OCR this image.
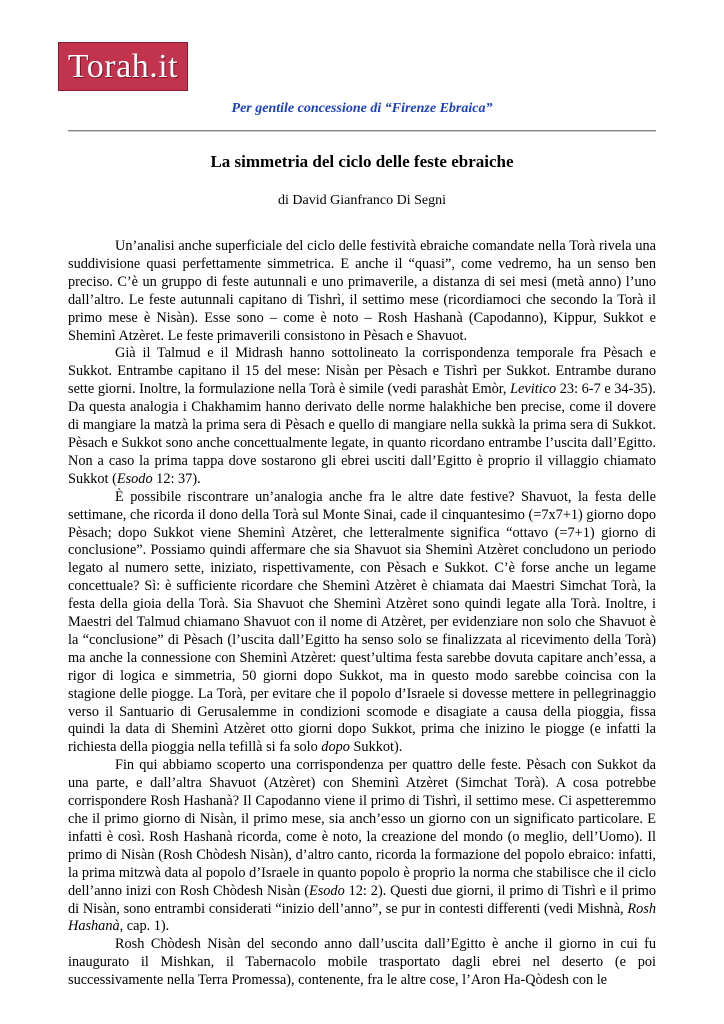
Torah.it
Per gentile concessione di “Firenze Ebraica”
La simmetria del ciclo delle feste ebraiche
di David Gianfranco Di Segni

Un’analisi anche superficiale del ciclo delle festività ebraiche comandate nella Torà rivela una suddivisione quasi perfettamente simmetrica. E anche il “quasi”, come vedremo, ha un senso ben preciso. C’è un gruppo di feste autunnali e uno primaverile, a distanza di sei mesi (metà anno) l’uno dall’altro. Le feste autunnali capitano di Tishrì, il settimo mese (ricordiamoci che secondo la Torà il primo mese è Nisàn). Esse sono – come è noto – Rosh Hashanà (Capodanno), Kippur, Sukkot e Sheminì Atzèret. Le feste primaverili consistono in Pèsach e Shavuot.

Già il Talmud e il Midrash hanno sottolineato la corrispondenza temporale fra Pèsach e Sukkot. Entrambe capitano il 15 del mese: Nisàn per Pèsach e Tishrì per Sukkot. Entrambe durano sette giorni. Inoltre, la formulazione nella Torà è simile (vedi parashàt Emòr, Levitico 23: 6-7 e 34-35). Da questa analogia i Chakhamim hanno derivato delle norme halakhiche ben precise, come il dovere di mangiare la matzà la prima sera di Pèsach e quello di mangiare nella sukkà la prima sera di Sukkot. Pèsach e Sukkot sono anche concettualmente legate, in quanto ricordano entrambe l’uscita dall’Egitto. Non a caso la prima tappa dove sostarono gli ebrei usciti dall’Egitto è proprio il villaggio chiamato Sukkot (Esodo 12: 37).

È possibile riscontrare un’analogia anche fra le altre date festive? Shavuot, la festa delle settimane, che ricorda il dono della Torà sul Monte Sinai, cade il cinquantesimo (=7x7+1) giorno dopo Pèsach; dopo Sukkot viene Sheminì Atzèret, che letteralmente significa “ottavo (=7+1) giorno di conclusione”. Possiamo quindi affermare che sia Shavuot sia Sheminì Atzèret concludono un periodo legato al numero sette, iniziato, rispettivamente, con Pèsach e Sukkot. C’è forse anche un legame concettuale? Sì: è sufficiente ricordare che Sheminì Atzèret è chiamata dai Maestri Simchat Torà, la festa della gioia della Torà. Sia Shavuot che Sheminì Atzèret sono quindi legate alla Torà. Inoltre, i Maestri del Talmud chiamano Shavuot con il nome di Atzèret, per evidenziare non solo che Shavuot è la “conclusione” di Pèsach (l’uscita dall’Egitto ha senso solo se finalizzata al ricevimento della Torà) ma anche la connessione con Sheminì Atzèret: quest’ultima festa sarebbe dovuta capitare anch’essa, a rigor di logica e simmetria, 50 giorni dopo Sukkot, ma in questo modo sarebbe coincisa con la stagione delle piogge. La Torà, per evitare che il popolo d’Israele si dovesse mettere in pellegrinaggio verso il Santuario di Gerusalemme in condizioni scomode e disagiate a causa della pioggia, fissa quindi la data di Sheminì Atzèret otto giorni dopo Sukkot, prima che inizino le piogge (e infatti la richiesta della pioggia nella tefillà si fa solo dopo Sukkot).

Fin qui abbiamo scoperto una corrispondenza per quattro delle feste. Pèsach con Sukkot da una parte, e dall’altra Shavuot (Atzèret) con Sheminì Atzèret (Simchat Torà). A cosa potrebbe corrispondere Rosh Hashanà? Il Capodanno viene il primo di Tishrì, il settimo mese. Ci aspetteremmo che il primo giorno di Nisàn, il primo mese, sia anch’esso un giorno con un significato particolare. E infatti è così. Rosh Hashanà ricorda, come è noto, la creazione del mondo (o meglio, dell’Uomo). Il primo di Nisàn (Rosh Chòdesh Nisàn), d’altro canto, ricorda la formazione del popolo ebraico: infatti, la prima mitzwà data al popolo d’Israele in quanto popolo è proprio la norma che stabilisce che il ciclo dell’anno inizi con Rosh Chòdesh Nisàn (Esodo 12: 2). Questi due giorni, il primo di Tishrì e il primo di Nisàn, sono entrambi considerati “inizio dell’anno”, se pur in contesti differenti (vedi Mishnà, Rosh Hashanà, cap. 1).

Rosh Chòdesh Nisàn del secondo anno dall’uscita dall’Egitto è anche il giorno in cui fu inaugurato il Mishkan, il Tabernacolo mobile trasportato dagli ebrei nel deserto (e poi successivamente nella Terra Promessa), contenente, fra le altre cose, l’Aron Ha-Qòdesh con le
